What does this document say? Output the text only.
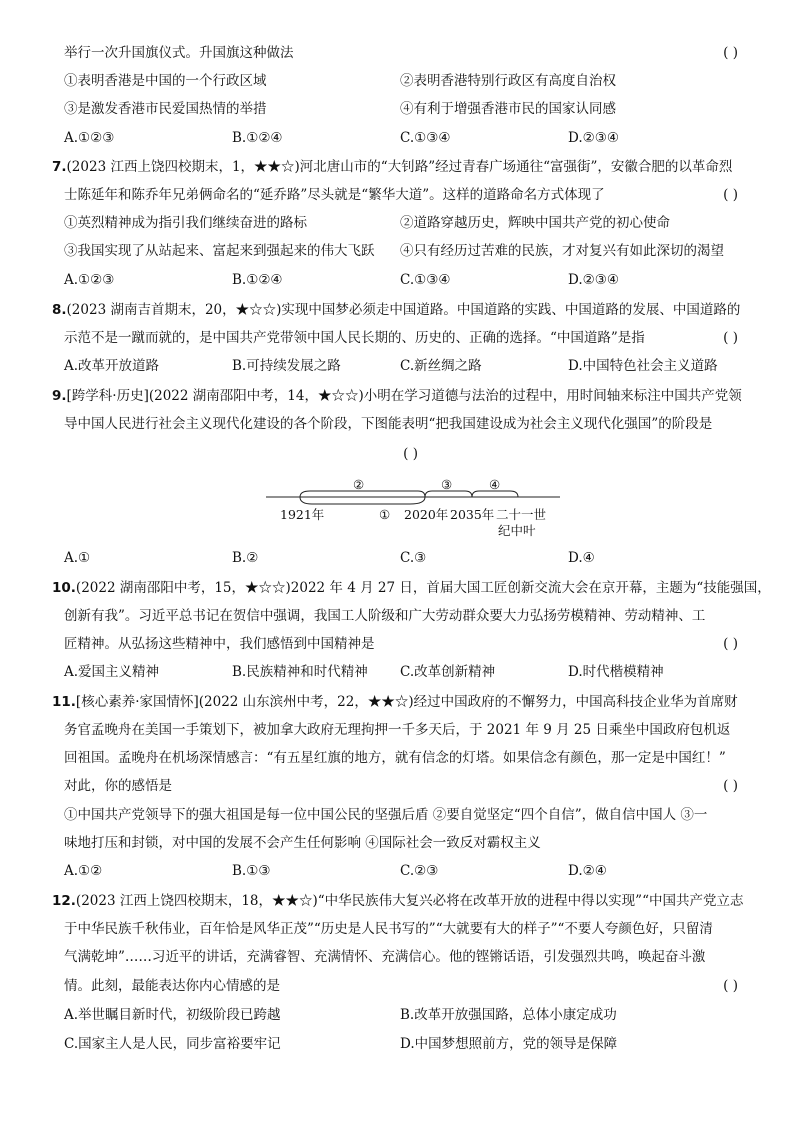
举行一次升国旗仪式。升国旗这种做法	( )
①表明香港是中国的一个行政区域	②表明香港特别行政区有高度自治权
③是激发香港市民爱国热情的举措	④有利于增强香港市民的国家认同感
A.①②③	B.①②④	C.①③④	D.②③④
7.(2023 江西上饶四校期末，1，★★☆)河北唐山市的“大钊路”经过青春广场通往“富强街”，安徽合肥的以革命烈
士陈延年和陈乔年兄弟俩命名的“延乔路”尽头就是“繁华大道”。这样的道路命名方式体现了	( )
①英烈精神成为指引我们继续奋进的路标	②道路穿越历史，辉映中国共产党的初心使命
③我国实现了从站起来、富起来到强起来的伟大飞跃 ④只有经历过苦难的民族，才对复兴有如此深切的渴望
A.①②③	B.①②④	C.①③④	D.②③④
8.(2023 湖南吉首期末，20，★☆☆)实现中国梦必须走中国道路。中国道路的实践、中国道路的发展、中国道路的
示范不是一蹴而就的，是中国共产党带领中国人民长期的、历史的、正确的选择。“中国道路”是指	( )
A.改革开放道路	B.可持续发展之路	C.新丝绸之路	D.中国特色社会主义道路
9.[跨学科·历史](2022 湖南邵阳中考，14，★☆☆)小明在学习道德与法治的过程中，用时间轴来标注中国共产党领
导中国人民进行社会主义现代化建设的各个阶段，下图能表明“把我国建设成为社会主义现代化强国”的阶段是
( )
②
①
③	④
1921年	2020年 2035年 二十一世
纪中叶
A.①	B.②	C.③	D.④
10.(2022 湖南邵阳中考，15，★☆☆)2022 年 4 月 27 日，首届大国工匠创新交流大会在京开幕，主题为“技能强国，
创新有我”。习近平总书记在贺信中强调，我国工人阶级和广大劳动群众要大力弘扬劳模精神、劳动精神、工
匠精神。从弘扬这些精神中，我们感悟到中国精神是	( )
A.爱国主义精神	B.民族精神和时代精神 C.改革创新精神	D.时代楷模精神
11.[核心素养·家国情怀](2022 山东滨州中考，22，★★☆)经过中国政府的不懈努力，中国高科技企业华为首席财
务官孟晚舟在美国一手策划下，被加拿大政府无理拘押一千多天后，于 2021 年 9 月 25 日乘坐中国政府包机返
回祖国。孟晚舟在机场深情感言：“有五星红旗的地方，就有信念的灯塔。如果信念有颜色，那一定是中国红！”
对此，你的感悟是	( )
①中国共产党领导下的强大祖国是每一位中国公民的坚强后盾 ②要自觉坚定“四个自信”，做自信中国人 ③一
味地打压和封锁，对中国的发展不会产生任何影响 ④国际社会一致反对霸权主义
A.①②	B.①③	C.②③	D.②④
12.(2023 江西上饶四校期末，18，★★☆)“中华民族伟大复兴必将在改革开放的进程中得以实现”“中国共产党立志
于中华民族千秋伟业，百年恰是风华正茂”“历史是人民书写的”“大就要有大的样子”“不要人夸颜色好，只留清
气满乾坤”……习近平的讲话，充满睿智、充满情怀、充满信心。他的铿锵话语，引发强烈共鸣，唤起奋斗激
情。此刻，最能表达你内心情感的是	( )
A.举世瞩目新时代，初级阶段已跨越	B.改革开放强国路，总体小康定成功
C.国家主人是人民，同步富裕要牢记	D.中国梦想照前方，党的领导是保障
